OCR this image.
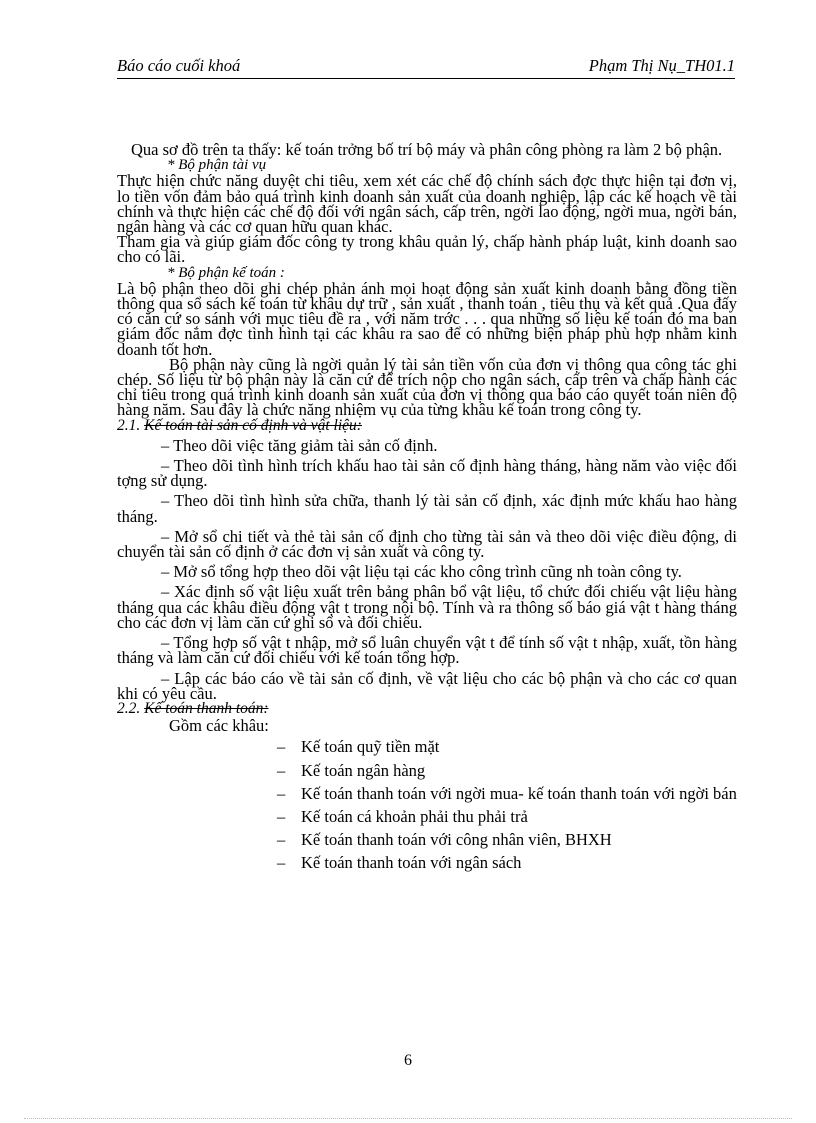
Báo cáo cuối khoá	Phạm Thị Nụ_TH01.1

Qua sơ đồ trên ta thấy: kế toán trởng bố trí bộ máy và phân công phòng ra làm 2 bộ phận.

* Bộ phận tài vụ

Thực hiện chức năng duyệt chi tiêu, xem xét các chế độ chính sách đợc thực hiện tại đơn vị, lo tiền vốn đảm bảo quá trình kinh doanh sản xuất của doanh nghiệp, lập các kế hoạch về tài chính và thực hiện các chế độ đối với ngân sách, cấp trên, ngời lao động, ngời mua, ngời bán, ngân hàng và các cơ quan hữu quan khác.

Tham gia và giúp giám đốc công ty trong khâu quản lý, chấp hành pháp luật, kinh doanh sao cho có lãi.

* Bộ phận kế toán :

Là bộ phận theo dõi ghi chép phản ánh mọi hoạt động sản xuất kinh doanh bằng đồng tiền thông qua sổ sách kế toán từ khâu dự trữ , sản xuất , thanh toán , tiêu thụ và kết quả .Qua đấy có căn cứ so sánh với mục tiêu đề ra , với năm trớc . . . qua những số liệu kế toán đó ma ban giám đốc nắm đợc tình hình tại các khâu ra sao để có những biện pháp phù hợp nhằm kinh doanh tốt hơn.

Bộ phận này cũng là ngời quản lý tài sản tiền vốn của đơn vị thông qua công tác ghi chép. Số liệu từ bộ phận này là căn cứ để trích nộp cho ngân sách, cấp trên và chấp hành các chỉ tiêu trong quá trình kinh doanh sản xuất của đơn vị thông qua báo cáo quyết toán niên độ hàng năm. Sau đây là chức năng nhiệm vụ của từng khâu kế toán trong công ty.

2.1. Kế toán tài sản cố định và vật liệu:

– Theo dõi việc tăng giảm tài sản cố định.

– Theo dõi tình hình trích khấu hao tài sản cố định hàng tháng, hàng năm vào việc đối tợng sử dụng.

– Theo dõi tình hình sửa chữa, thanh lý tài sản cố định, xác định mức khấu hao hàng tháng.

– Mở sổ chi tiết và thẻ tài sản cố định cho từng tài sản và theo dõi việc điều động, di chuyển tài sản cố định ở các đơn vị sản xuất và công ty.

– Mở sổ tổng hợp theo dõi vật liệu tại các kho công trình cũng nh toàn công ty.

– Xác định số vật liệu xuất trên bảng phân bổ vật liệu, tổ chức đối chiếu vật liệu hàng tháng qua các khâu điều động vật t trong nội bộ. Tính và ra thông số báo giá vật t hàng tháng cho các đơn vị làm căn cứ ghi sổ và đối chiếu.

– Tổng hợp số vật t nhập, mở sổ luân chuyển vật t để tính số vật t nhập, xuất, tồn hàng tháng và làm căn cứ đối chiếu với kế toán tổng hợp.

– Lập các báo cáo về tài sản cố định, về vật liệu cho các bộ phận và cho các cơ quan khi có yêu cầu.

2.2. Kế toán thanh toán:

Gồm các khâu:

– Kế toán quỹ tiền mặt
– Kế toán ngân hàng
– Kế toán thanh toán với ngời mua- kế toán thanh toán với ngời bán
– Kế toán cá khoản phải thu phải trả
– Kế toán thanh toán với công nhân viên, BHXH
– Kế toán thanh toán với ngân sách
6
